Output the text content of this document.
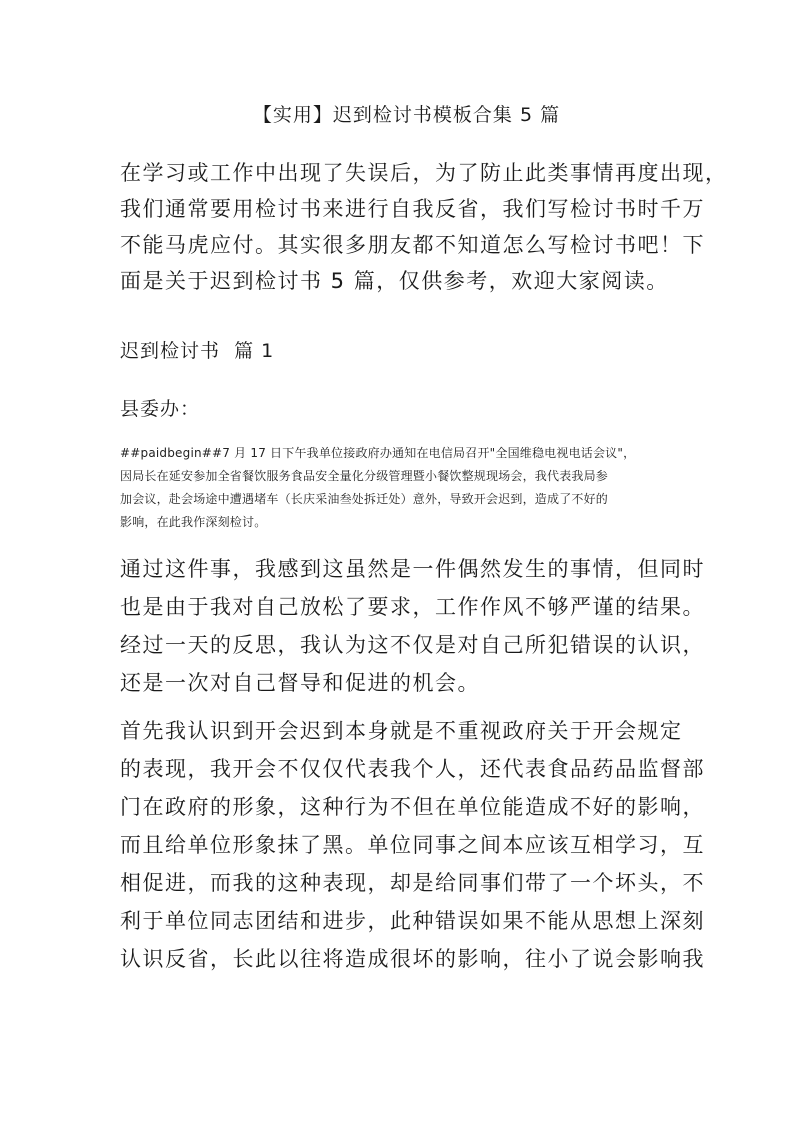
【实用】迟到检讨书模板合集 5 篇

在学习或工作中出现了失误后，为了防止此类事情再度出现，

我们通常要用检讨书来进行自我反省，我们写检讨书时千万

不能马虎应付。其实很多朋友都不知道怎么写检讨书吧！下

面是关于迟到检讨书 5 篇，仅供参考，欢迎大家阅读。

迟到检讨书  篇 1
县委办：

##paidbegin##7 月 17 日下午我单位接政府办通知在电信局召开"全国维稳电视电话会议"，

因局长在延安参加全省餐饮服务食品安全量化分级管理暨小餐饮整规现场会，我代表我局参

加会议，赴会场途中遭遇堵车（长庆采油叁处拆迁处）意外，导致开会迟到，造成了不好的

影响，在此我作深刻检讨。

通过这件事，我感到这虽然是一件偶然发生的事情，但同时

也是由于我对自己放松了要求，工作作风不够严谨的结果。

经过一天的反思，我认为这不仅是对自己所犯错误的认识，

还是一次对自己督导和促进的机会。

首先我认识到开会迟到本身就是不重视政府关于开会规定

的表现，我开会不仅仅代表我个人，还代表食品药品监督部

门在政府的形象，这种行为不但在单位能造成不好的影响，

而且给单位形象抹了黑。单位同事之间本应该互相学习，互

相促进，而我的这种表现，却是给同事们带了一个坏头，不

利于单位同志团结和进步，此种错误如果不能从思想上深刻

认识反省，长此以往将造成很坏的影响，往小了说会影响我
